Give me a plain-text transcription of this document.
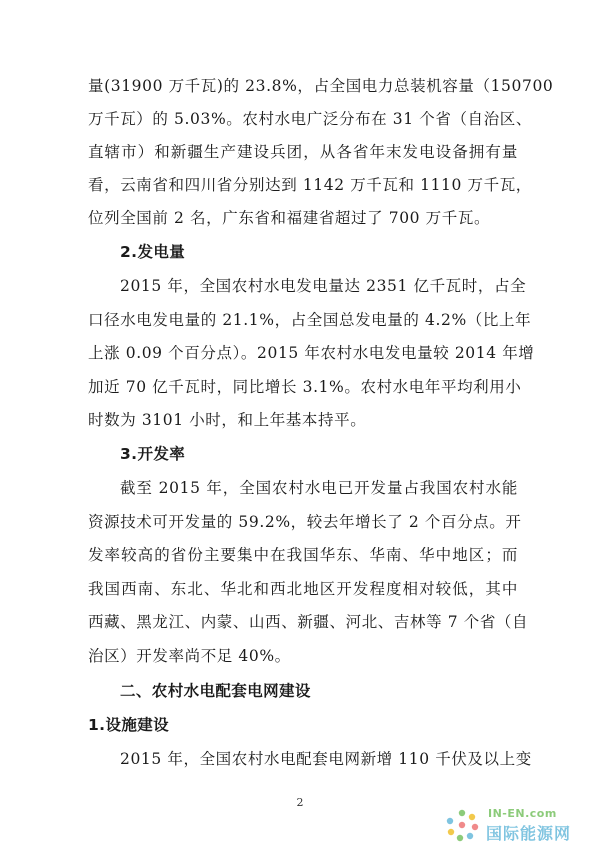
量(31900 万千瓦)的 23.8%，占全国电力总装机容量（150700
万千瓦）的 5.03%。农村水电广泛分布在 31 个省（自治区、
直辖市）和新疆生产建设兵团，从各省年末发电设备拥有量
看，云南省和四川省分别达到 1142 万千瓦和 1110 万千瓦，
位列全国前 2 名，广东省和福建省超过了 700 万千瓦。
2.发电量
2015 年，全国农村水电发电量达 2351 亿千瓦时，占全
口径水电发电量的 21.1%，占全国总发电量的 4.2%（比上年
上涨 0.09 个百分点）。2015 年农村水电发电量较 2014 年增
加近 70 亿千瓦时，同比增长 3.1%。农村水电年平均利用小
时数为 3101 小时，和上年基本持平。
3.开发率
截至 2015 年，全国农村水电已开发量占我国农村水能
资源技术可开发量的 59.2%，较去年增长了 2 个百分点。开
发率较高的省份主要集中在我国华东、华南、华中地区；而
我国西南、东北、华北和西北地区开发程度相对较低，其中
西藏、黑龙江、内蒙、山西、新疆、河北、吉林等 7 个省（自
治区）开发率尚不足 40%。
二、农村水电配套电网建设
1.设施建设
2015 年，全国农村水电配套电网新增 110 千伏及以上变
2
IN-EN.com
国际能源网
